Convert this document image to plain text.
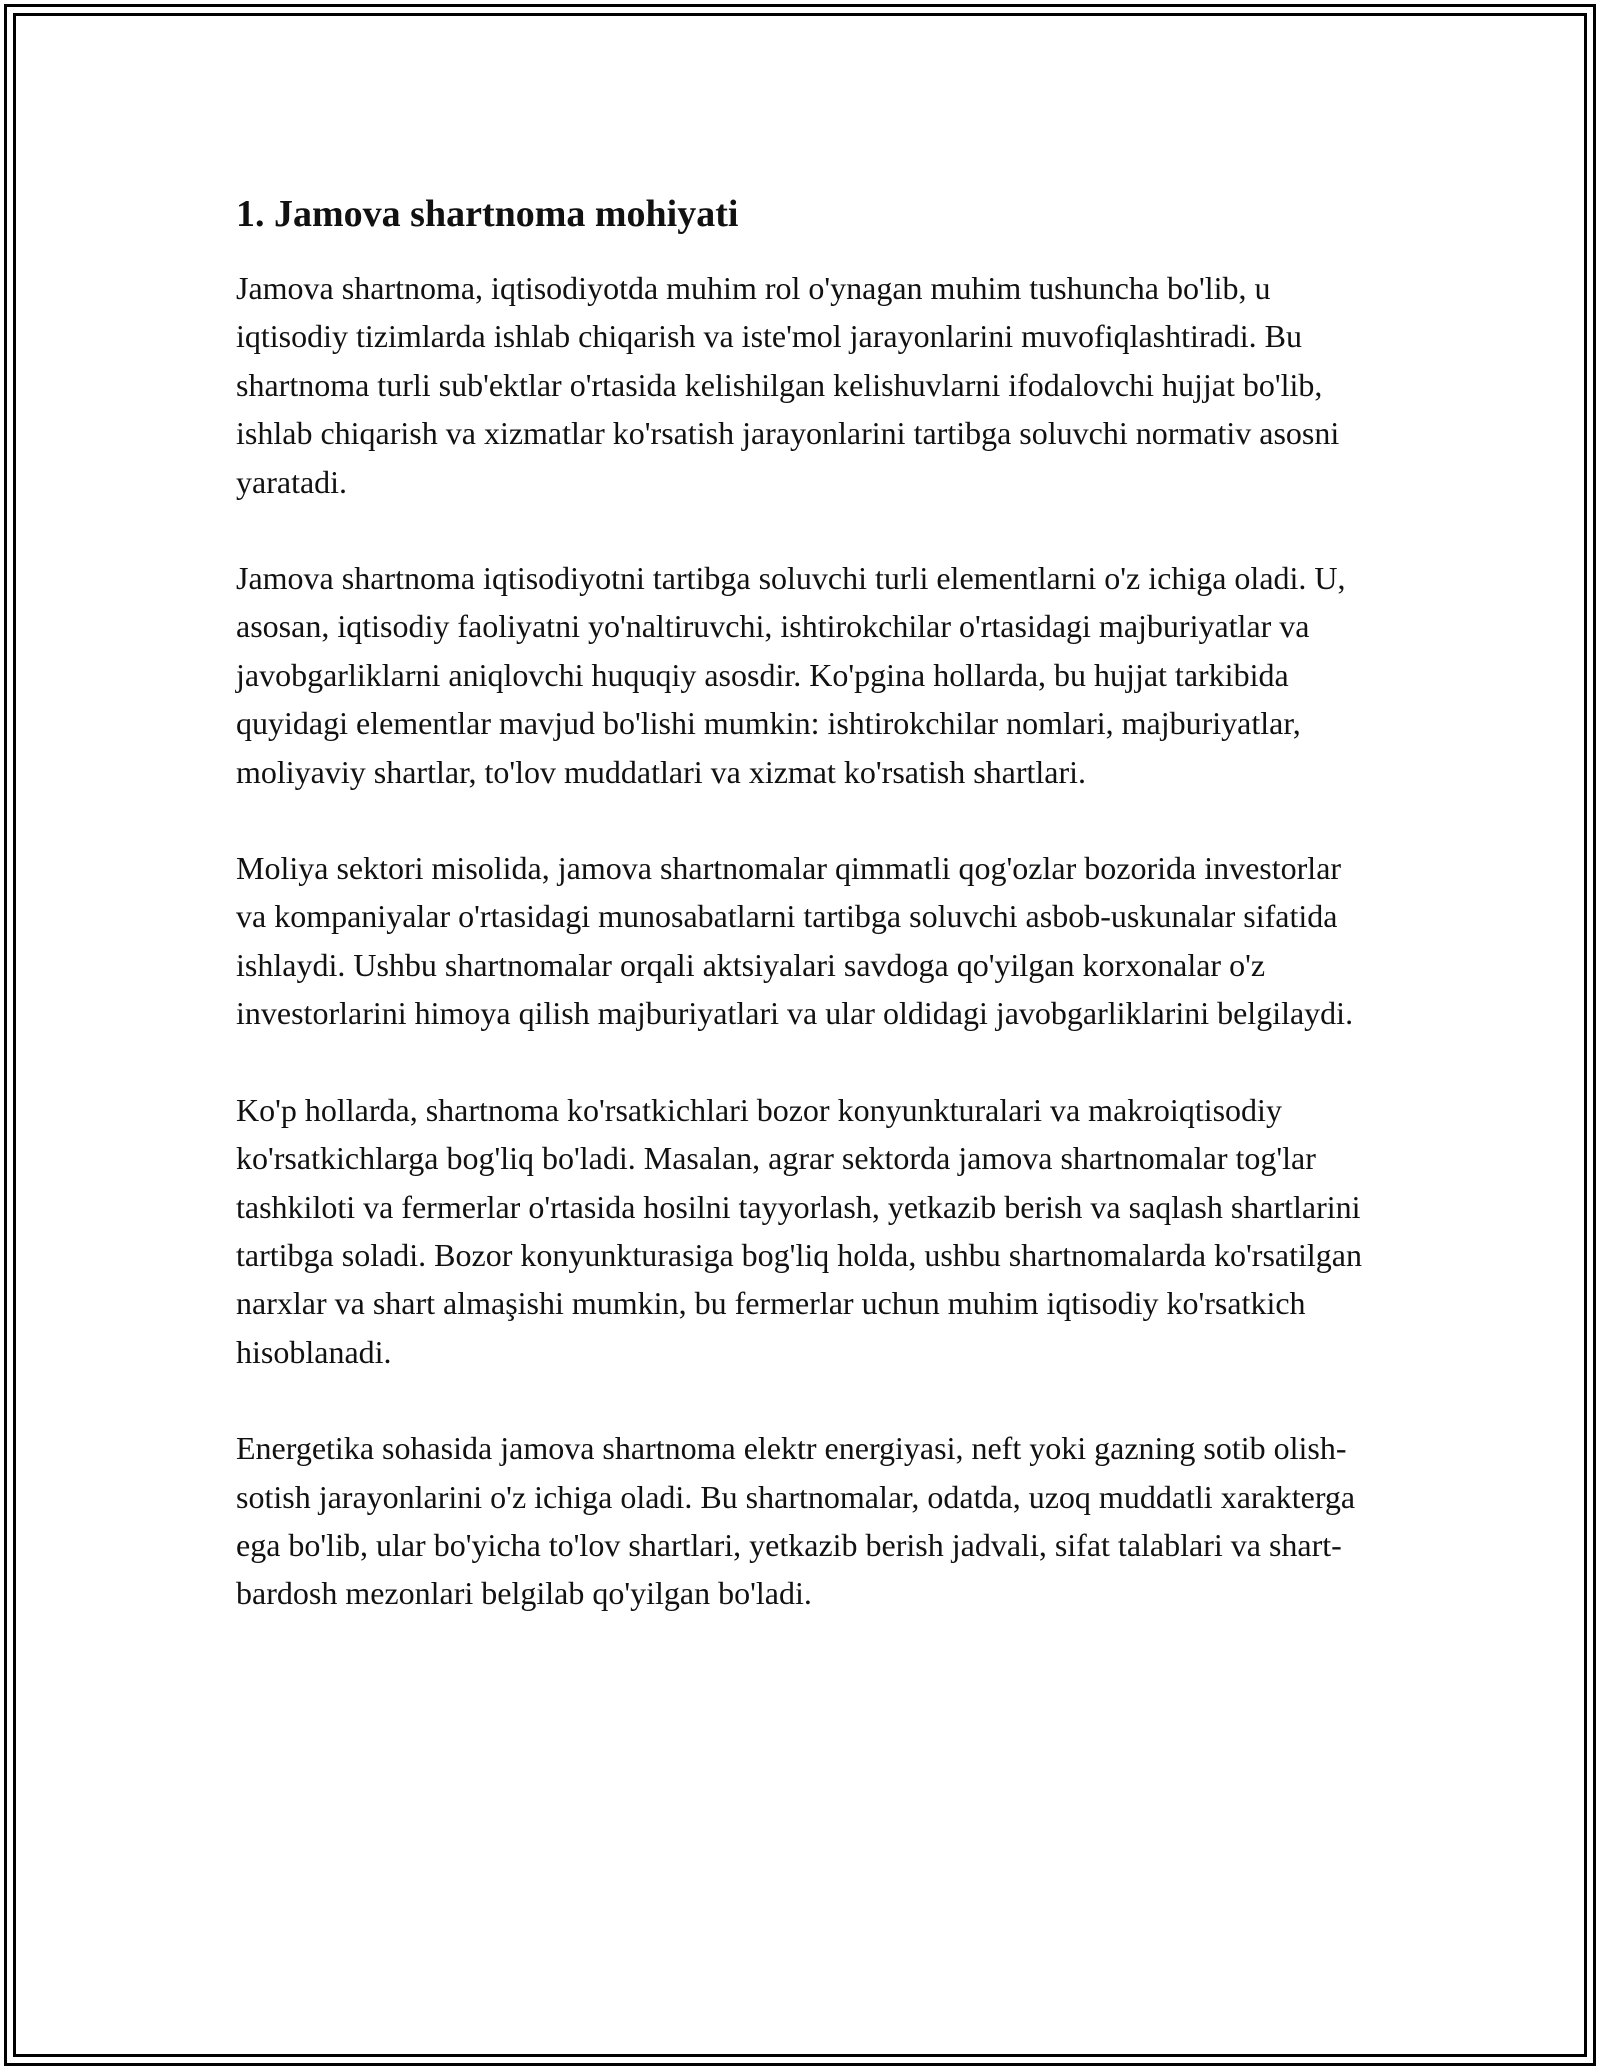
1. Jamova shartnoma mohiyati

Jamova shartnoma, iqtisodiyotda muhim rol o'ynagan muhim tushuncha bo'lib, u iqtisodiy tizimlarda ishlab chiqarish va iste'mol jarayonlarini muvofiqlashtiradi. Bu shartnoma turli sub'ektlar o'rtasida kelishilgan kelishuvlarni ifodalovchi hujjat bo'lib, ishlab chiqarish va xizmatlar ko'rsatish jarayonlarini tartibga soluvchi normativ asosni yaratadi.

Jamova shartnoma iqtisodiyotni tartibga soluvchi turli elementlarni o'z ichiga oladi. U, asosan, iqtisodiy faoliyatni yo'naltiruvchi, ishtirokchilar o'rtasidagi majburiyatlar va javobgarliklarni aniqlovchi huquqiy asosdir. Ko'pgina hollarda, bu hujjat tarkibida quyidagi elementlar mavjud bo'lishi mumkin: ishtirokchilar nomlari, majburiyatlar, moliyaviy shartlar, to'lov muddatlari va xizmat ko'rsatish shartlari.

Moliya sektori misolida, jamova shartnomalar qimmatli qog'ozlar bozorida investorlar va kompaniyalar o'rtasidagi munosabatlarni tartibga soluvchi asbob-uskunalar sifatida ishlaydi. Ushbu shartnomalar orqali aktsiyalari savdoga qo'yilgan korxonalar o'z investorlarini himoya qilish majburiyatlari va ular oldidagi javobgarliklarini belgilaydi.

Ko'p hollarda, shartnoma ko'rsatkichlari bozor konyunkturalari va makroiqtisodiy ko'rsatkichlarga bog'liq bo'ladi. Masalan, agrar sektorda jamova shartnomalar tog'lar tashkiloti va fermerlar o'rtasida hosilni tayyorlash, yetkazib berish va saqlash shartlarini tartibga soladi. Bozor konyunkturasiga bog'liq holda, ushbu shartnomalarda ko'rsatilgan narxlar va shart almaşishi mumkin, bu fermerlar uchun muhim iqtisodiy ko'rsatkich hisoblanadi.

Energetika sohasida jamova shartnoma elektr energiyasi, neft yoki gazning sotib olish-sotish jarayonlarini o'z ichiga oladi. Bu shartnomalar, odatda, uzoq muddatli xarakterga ega bo'lib, ular bo'yicha to'lov shartlari, yetkazib berish jadvali, sifat talablari va shart-bardosh mezonlari belgilab qo'yilgan bo'ladi.
